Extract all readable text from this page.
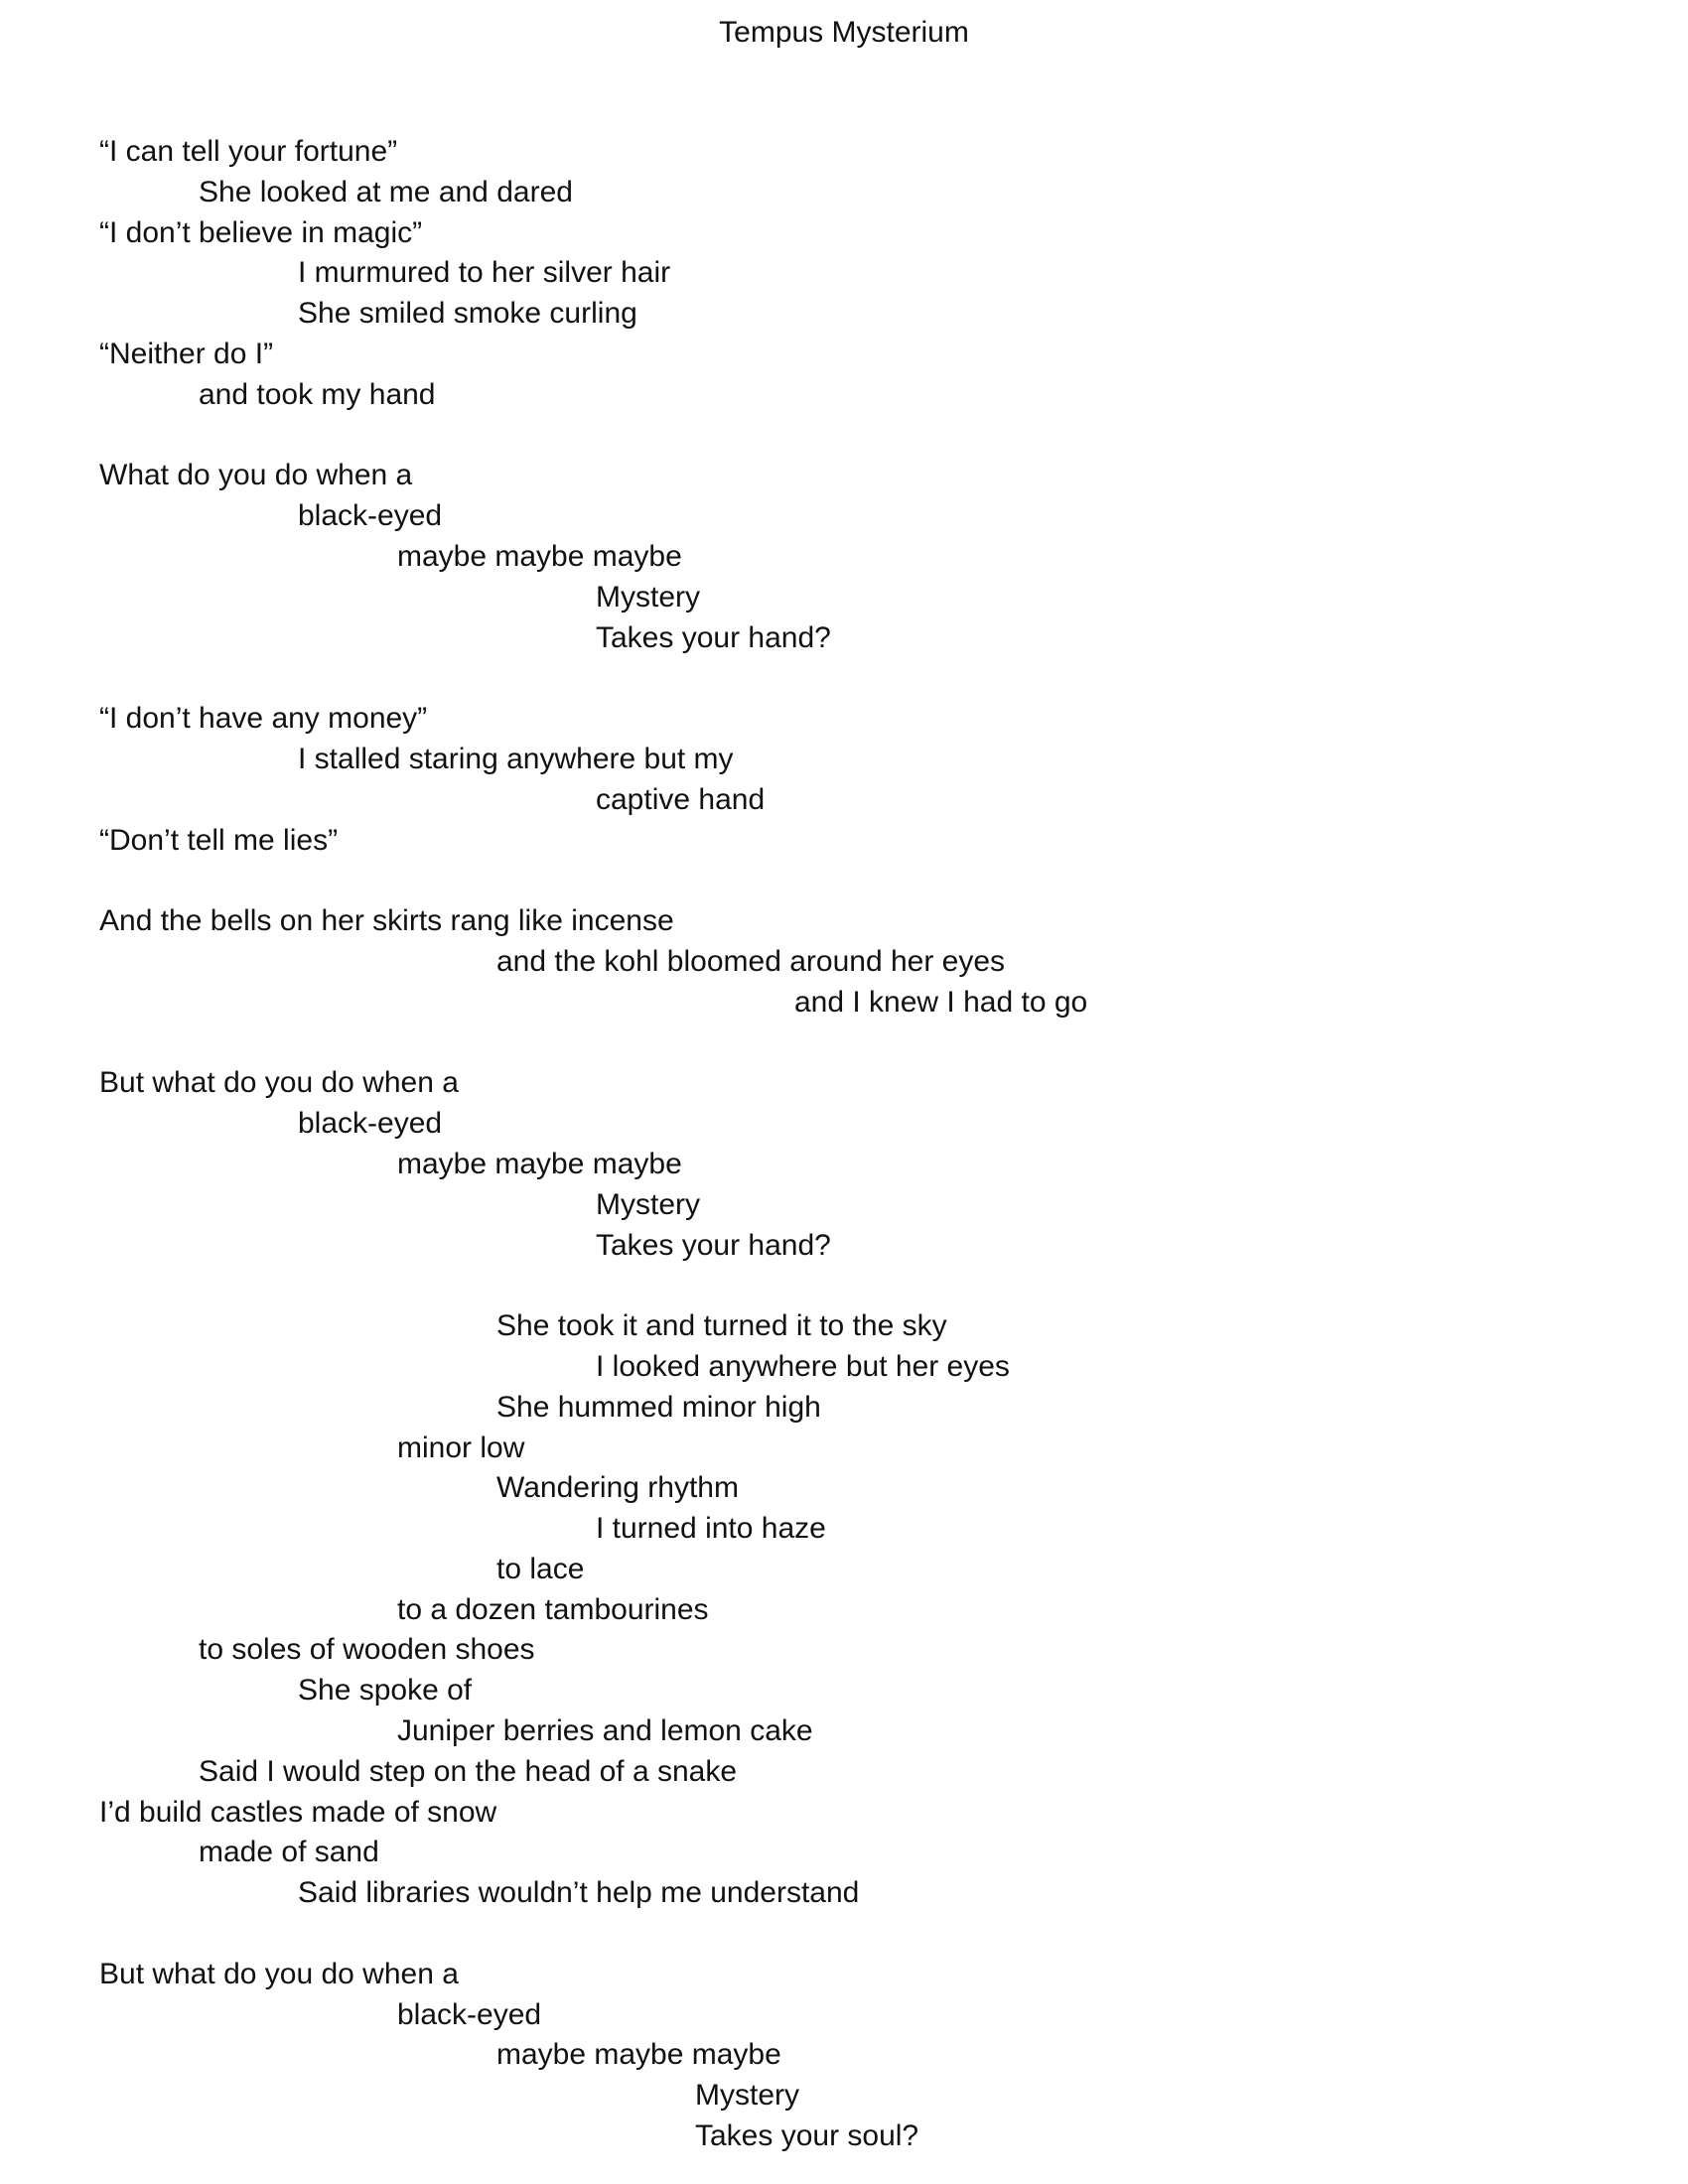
Tempus Mysterium
“I can tell your fortune”
She looked at me and dared
“I don’t believe in magic”
I murmured to her silver hair
She smiled smoke curling
“Neither do I”
and took my hand
What do you do when a
black-eyed
maybe maybe maybe
Mystery
Takes your hand?
“I don’t have any money”
I stalled staring anywhere but my
captive hand
“Don’t tell me lies”
And the bells on her skirts rang like incense
and the kohl bloomed around her eyes
and I knew I had to go
But what do you do when a
black-eyed
maybe maybe maybe
Mystery
Takes your hand?
She took it and turned it to the sky
I looked anywhere but her eyes
She hummed minor high
minor low
Wandering rhythm
I turned into haze
to lace
to a dozen tambourines
to soles of wooden shoes
She spoke of
Juniper berries and lemon cake
Said I would step on the head of a snake
I’d build castles made of snow
made of sand
Said libraries wouldn’t help me understand
But what do you do when a
black-eyed
maybe maybe maybe
Mystery
Takes your soul?
